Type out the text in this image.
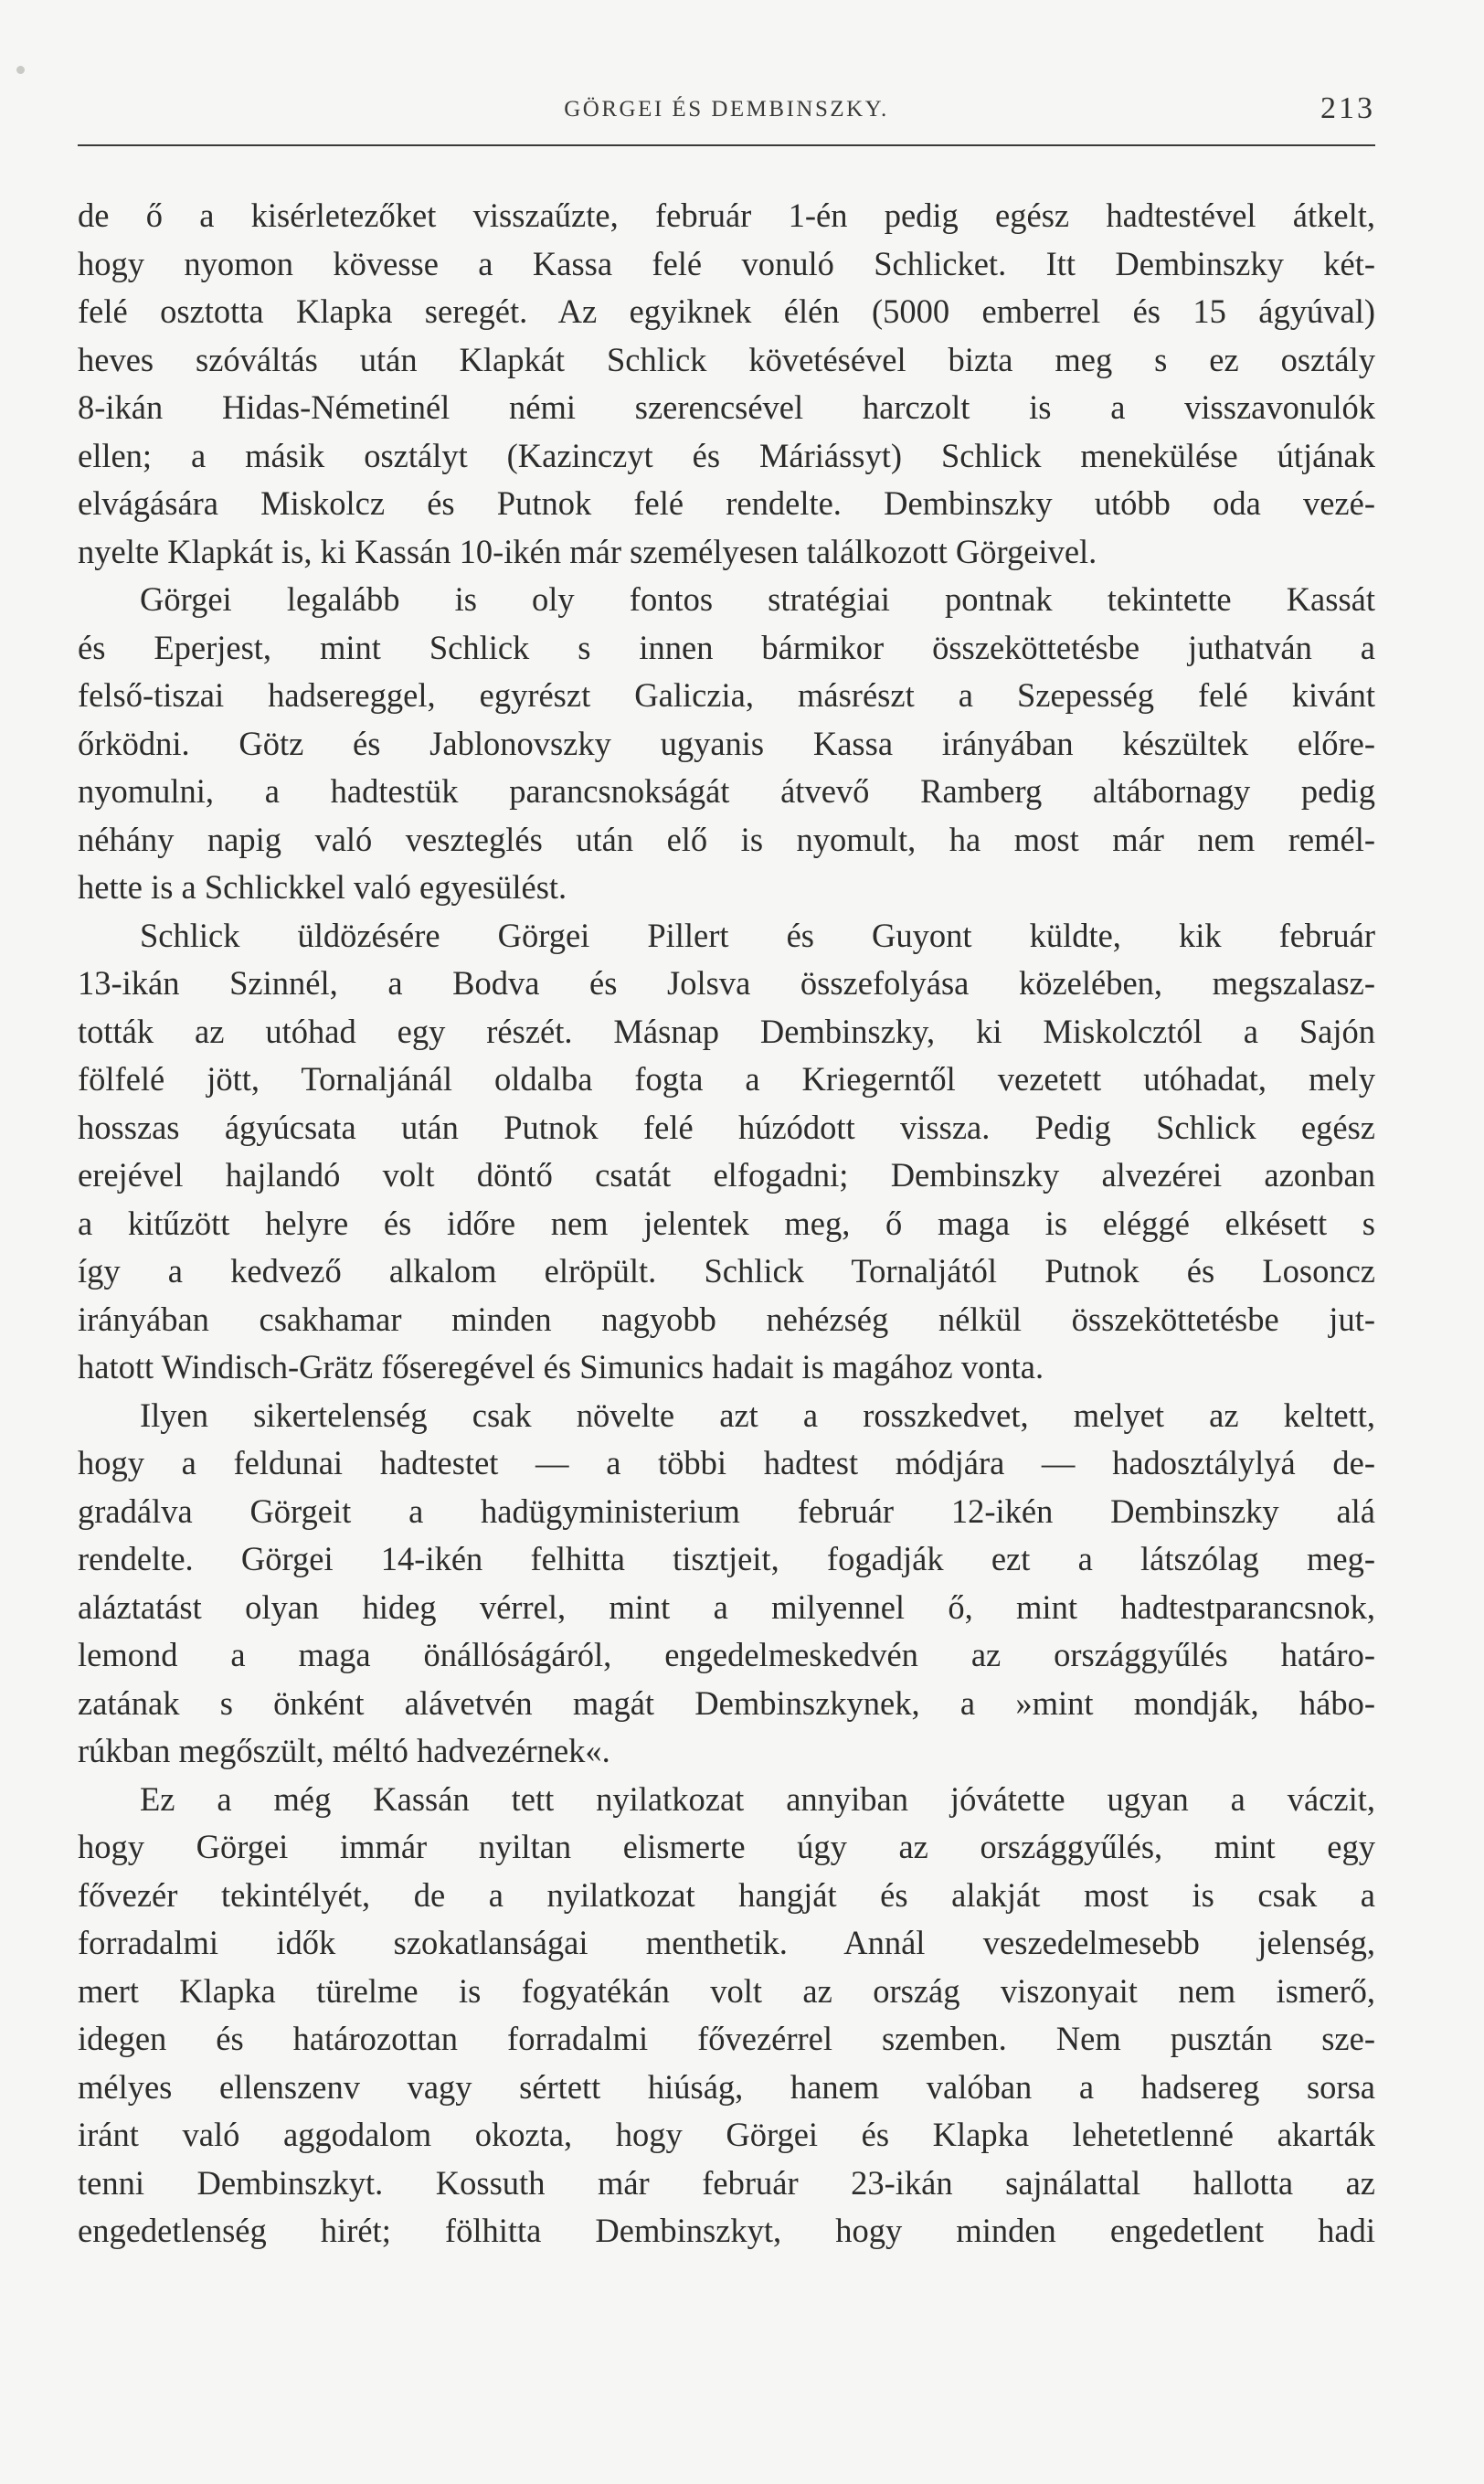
GÖRGEI ÉS DEMBINSZKY.	213
de ő a kisérletezőket visszaűzte, február 1-én pedig egész hadtestével átkelt,
hogy nyomon kövesse a Kassa felé vonuló Schlicket. Itt Dembinszky két-
felé osztotta Klapka seregét. Az egyiknek élén (5000 emberrel és 15 ágyúval)
heves szóváltás után Klapkát Schlick követésével bizta meg s ez osztály
8-ikán Hidas-Németinél némi szerencsével harczolt is a visszavonulók
ellen; a másik osztályt (Kazinczyt és Máriássyt) Schlick menekülése útjának
elvágására Miskolcz és Putnok felé rendelte. Dembinszky utóbb oda vezé-
nyelte Klapkát is, ki Kassán 10-ikén már személyesen találkozott Görgeivel.
Görgei legalább is oly fontos stratégiai pontnak tekintette Kassát
és Eperjest, mint Schlick s innen bármikor összeköttetésbe juthatván a
felső-tiszai hadsereggel, egyrészt Galiczia, másrészt a Szepesség felé kivánt
őrködni. Götz és Jablonovszky ugyanis Kassa irányában készültek előre-
nyomulni, a hadtestük parancsnokságát átvevő Ramberg altábornagy pedig
néhány napig való veszteglés után elő is nyomult, ha most már nem remél-
hette is a Schlickkel való egyesülést.
Schlick üldözésére Görgei Pillert és Guyont küldte, kik február
13-ikán Szinnél, a Bodva és Jolsva összefolyása közelében, megszalasz-
tották az utóhad egy részét. Másnap Dembinszky, ki Miskolcztól a Sajón
fölfelé jött, Tornaljánál oldalba fogta a Kriegerntől vezetett utóhadat, mely
hosszas ágyúcsata után Putnok felé húzódott vissza. Pedig Schlick egész
erejével hajlandó volt döntő csatát elfogadni; Dembinszky alvezérei azonban
a kitűzött helyre és időre nem jelentek meg, ő maga is eléggé elkésett s
így a kedvező alkalom elröpült. Schlick Tornaljától Putnok és Losoncz
irányában csakhamar minden nagyobb nehézség nélkül összeköttetésbe jut-
hatott Windisch-Grätz főseregével és Simunics hadait is magához vonta.
Ilyen sikertelenség csak növelte azt a rosszkedvet, melyet az keltett,
hogy a feldunai hadtestet — a többi hadtest módjára — hadosztálylyá de-
gradálva Görgeit a hadügyministerium február 12-ikén Dembinszky alá
rendelte. Görgei 14-ikén felhitta tisztjeit, fogadják ezt a látszólag meg-
aláztatást olyan hideg vérrel, mint a milyennel ő, mint hadtestparancsnok,
lemond a maga önállóságáról, engedelmeskedvén az országgyűlés határo-
zatának s önként alávetvén magát Dembinszkynek, a »mint mondják, hábo-
rúkban megőszült, méltó hadvezérnek«.
Ez a még Kassán tett nyilatkozat annyiban jóvátette ugyan a váczit,
hogy Görgei immár nyiltan elismerte úgy az országgyűlés, mint egy
fővezér tekintélyét, de a nyilatkozat hangját és alakját most is csak a
forradalmi idők szokatlanságai menthetik. Annál veszedelmesebb jelenség,
mert Klapka türelme is fogyatékán volt az ország viszonyait nem ismerő,
idegen és határozottan forradalmi fővezérrel szemben. Nem pusztán sze-
mélyes ellenszenv vagy sértett hiúság, hanem valóban a hadsereg sorsa
iránt való aggodalom okozta, hogy Görgei és Klapka lehetetlenné akarták
tenni Dembinszkyt. Kossuth már február 23-ikán sajnálattal hallotta az
engedetlenség hirét; fölhitta Dembinszkyt, hogy minden engedetlent hadi
